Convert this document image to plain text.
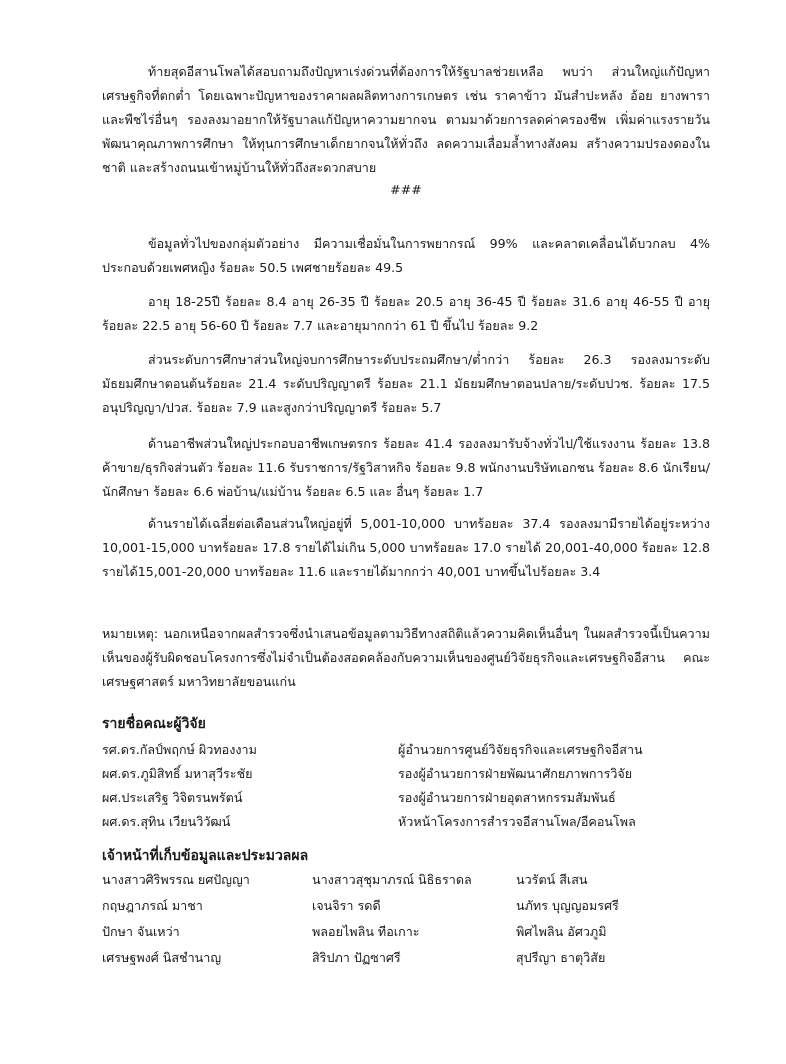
ท้ายสุดอีสานโพลได้สอบถามถึงปัญหาเร่งด่วนที่ต้องการให้รัฐบาลช่วยเหลือ พบว่า ส่วนใหญ่แก้ปัญหาเศรษฐกิจที่ตกต่ำ โดยเฉพาะปัญหาของราคาผลผลิตทางการเกษตร เช่น ราคาข้าว มันสำปะหลัง อ้อย ยางพารา และพืชไร่อื่นๆ รองลงมาอยากให้รัฐบาลแก้ปัญหาความยากจน ตามมาด้วยการลดค่าครองชีพ เพิ่มค่าแรงรายวัน พัฒนาคุณภาพการศึกษา ให้ทุนการศึกษาเด็กยากจนให้ทั่วถึง ลดความเลื่อมล้ำทางสังคม สร้างความปรองดองในชาติ และสร้างถนนเข้าหมู่บ้านให้ทั่วถึงสะดวกสบาย

###

ข้อมูลทั่วไปของกลุ่มตัวอย่าง มีความเชื่อมั่นในการพยากรณ์ 99% และคลาดเคลื่อนได้บวกลบ 4% ประกอบด้วยเพศหญิง ร้อยละ 50.5 เพศชายร้อยละ 49.5

อายุ 18-25ปี ร้อยละ 8.4 อายุ 26-35 ปี ร้อยละ 20.5 อายุ 36-45 ปี ร้อยละ 31.6 อายุ 46-55 ปี อายุ ร้อยละ 22.5 อายุ 56-60 ปี ร้อยละ 7.7 และอายุมากกว่า 61 ปี ขึ้นไป ร้อยละ 9.2

ส่วนระดับการศึกษาส่วนใหญ่จบการศึกษาระดับประถมศึกษา/ต่ำกว่า ร้อยละ 26.3 รองลงมาระดับมัธยมศึกษาตอนต้นร้อยละ 21.4 ระดับปริญญาตรี ร้อยละ 21.1 มัธยมศึกษาตอนปลาย/ระดับปวช. ร้อยละ 17.5 อนุปริญญา/ปวส. ร้อยละ 7.9 และสูงกว่าปริญญาตรี ร้อยละ 5.7

ด้านอาชีพส่วนใหญ่ประกอบอาชีพเกษตรกร ร้อยละ 41.4 รองลงมารับจ้างทั่วไป/ใช้แรงงาน ร้อยละ 13.8 ค้าขาย/ธุรกิจส่วนตัว ร้อยละ 11.6 รับราชการ/รัฐวิสาหกิจ ร้อยละ 9.8 พนักงานบริษัทเอกชน ร้อยละ 8.6 นักเรียน/นักศึกษา ร้อยละ 6.6 พ่อบ้าน/แม่บ้าน ร้อยละ 6.5 และ อื่นๆ ร้อยละ 1.7

ด้านรายได้เฉลี่ยต่อเดือนส่วนใหญ่อยู่ที่ 5,001-10,000 บาทร้อยละ 37.4 รองลงมามีรายได้อยู่ระหว่าง 10,001-15,000 บาทร้อยละ 17.8 รายได้ไม่เกิน 5,000 บาทร้อยละ 17.0 รายได้ 20,001-40,000 ร้อยละ 12.8 รายได้15,001-20,000 บาทร้อยละ 11.6 และรายได้มากกว่า 40,001 บาทขึ้นไปร้อยละ 3.4

หมายเหตุ: นอกเหนือจากผลสำรวจซึ่งนำเสนอข้อมูลตามวิธีทางสถิติแล้วความคิดเห็นอื่นๆ ในผลสำรวจนี้เป็นความเห็นของผู้รับผิดชอบโครงการซึ่งไม่จำเป็นต้องสอดคล้องกับความเห็นของศูนย์วิจัยธุรกิจและเศรษฐกิจอีสาน คณะเศรษฐศาสตร์ มหาวิทยาลัยขอนแก่น

รายชื่อคณะผู้วิจัย
รศ.ดร.กัลป์พฤกษ์ ผิวทองงาม	ผู้อำนวยการศูนย์วิจัยธุรกิจและเศรษฐกิจอีสาน
ผศ.ดร.ภูมิสิทธิ์ มหาสุวีระชัย	รองผู้อำนวยการฝ่ายพัฒนาศักยภาพการวิจัย
ผศ.ประเสริฐ วิจิตรนพรัตน์	รองผู้อำนวยการฝ่ายอุตสาหกรรมสัมพันธ์
ผศ.ดร.สุทิน เวียนวิวัฒน์	หัวหน้าโครงการสำรวจอีสานโพล/อีคอนโพล
เจ้าหน้าที่เก็บข้อมูลและประมวลผล
นางสาวศิริพรรณ ยศปัญญา	นางสาวสุชุมาภรณ์ นิธิธราดล	นวรัตน์ สีเสน
กฤษฎาภรณ์ มาชา	เจนจิรา รดดี	นภัทร บุญญอมรศรี
ปักษา จันเหว่า	พลอยไพลิน ทีอเกาะ	พิศไพลิน อัศวภูมิ
เศรษฐพงศ์ นิสชำนาญ	สิริปภา ปัฏซาศรี	สุปรีญา ธาตุวิสัย
